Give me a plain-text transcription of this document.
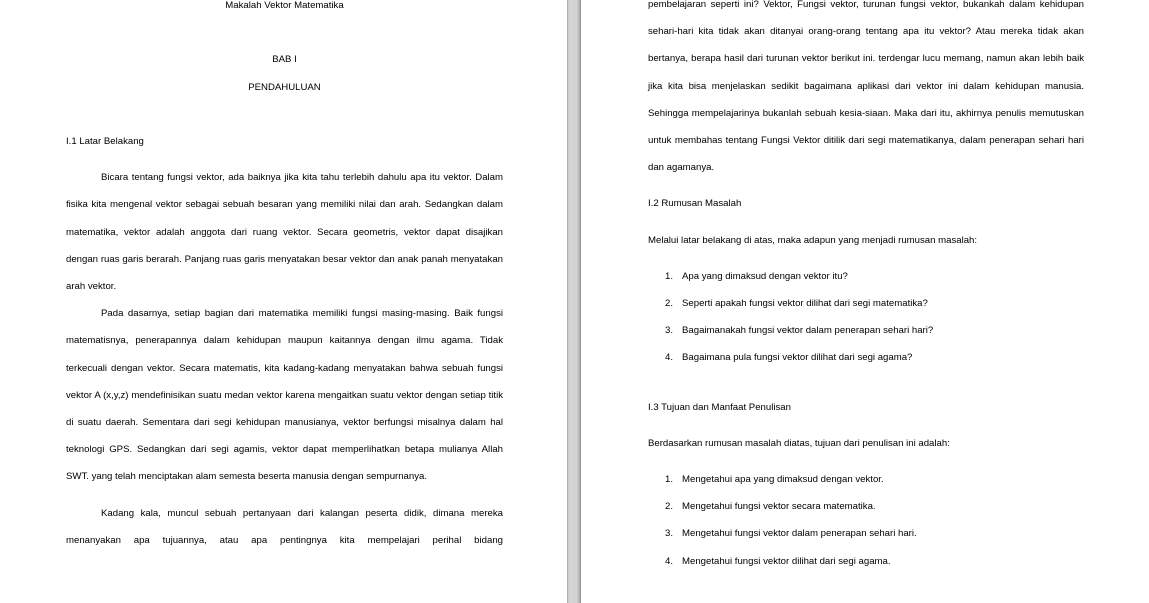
Makalah Vektor Matematika

BAB I

PENDAHULUAN

I.1 Latar Belakang

Bicara tentang fungsi vektor, ada baiknya jika kita tahu terlebih dahulu apa itu vektor. Dalam fisika kita mengenal vektor sebagai sebuah besaran yang memiliki nilai dan arah. Sedangkan dalam matematika, vektor adalah anggota dari ruang vektor. Secara geometris, vektor dapat disajikan dengan ruas garis berarah. Panjang ruas garis menyatakan besar vektor dan anak panah menyatakan arah vektor.

Pada dasarnya, setiap bagian dari matematika memiliki fungsi masing-masing. Baik fungsi matematisnya, penerapannya dalam kehidupan maupun kaitannya dengan ilmu agama. Tidak terkecuali dengan vektor. Secara matematis, kita kadang-kadang menyatakan bahwa sebuah fungsi vektor A (x,y,z) mendefinisikan suatu medan vektor karena mengaitkan suatu vektor dengan setiap titik di suatu daerah. Sementara dari segi kehidupan manusianya, vektor berfungsi misalnya dalam hal teknologi GPS. Sedangkan dari segi agamis, vektor dapat memperlihatkan betapa mulianya Allah SWT. yang telah menciptakan alam semesta beserta manusia dengan sempurnanya.

Kadang kala, muncul sebuah pertanyaan dari kalangan peserta didik, dimana mereka menanyakan apa tujuannya, atau apa pentingnya kita mempelajari perihal bidang

pembelajaran seperti ini? Vektor, Fungsi vektor, turunan fungsi vektor, bukankah dalam kehidupan sehari-hari kita tidak akan ditanyai orang-orang tentang apa itu vektor? Atau mereka tidak akan bertanya, berapa hasil dari turunan vektor berikut ini. terdengar lucu memang, namun akan lebih baik jika kita bisa menjelaskan sedikit bagaimana aplikasi dari vektor ini dalam kehidupan manusia. Sehingga mempelajarinya bukanlah sebuah kesia-siaan. Maka dari itu, akhirnya penulis memutuskan untuk membahas tentang Fungsi Vektor ditilik dari segi matematikanya, dalam penerapan sehari hari dan agamanya.

I.2 Rumusan Masalah

Melalui latar belakang di atas, maka adapun yang menjadi rumusan masalah:

1. Apa yang dimaksud dengan vektor itu?
2. Seperti apakah fungsi vektor dilihat dari segi matematika?
3. Bagaimanakah fungsi vektor dalam penerapan sehari hari?
4. Bagaimana pula fungsi vektor dilihat dari segi agama?

I.3 Tujuan dan Manfaat Penulisan

Berdasarkan rumusan masalah diatas, tujuan dari penulisan ini adalah:

1. Mengetahui apa yang dimaksud dengan vektor.
2. Mengetahui fungsi vektor secara matematika.
3. Mengetahui fungsi vektor dalam penerapan sehari hari.
4. Mengetahui fungsi vektor dilihat dari segi agama.
